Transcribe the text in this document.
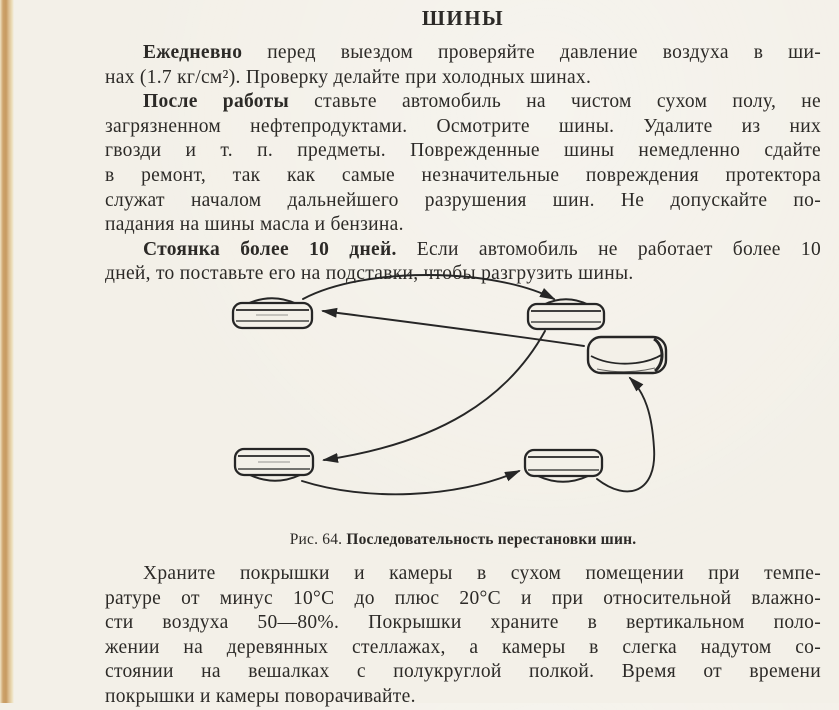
ШИНЫ
Ежедневно перед выездом проверяйте давление воздуха в ши-
нах (1.7 кг/см²). Проверку делайте при холодных шинах.
После работы ставьте автомобиль на чистом сухом полу, не
загрязненном нефтепродуктами. Осмотрите шины. Удалите из них
гвозди и т. п. предметы. Поврежденные шины немедленно сдайте
в ремонт, так как самые незначительные повреждения протектора
служат началом дальнейшего разрушения шин. Не допускайте по-
падания на шины масла и бензина.
Стоянка более 10 дней. Если автомобиль не работает более 10
дней, то поставьте его на подставки, чтобы разгрузить шины.
Рис. 64. Последовательность перестановки шин.
Храните покрышки и камеры в сухом помещении при темпе-
ратуре от минус 10°С до плюс 20°С и при относительной влажно-
сти воздуха 50—80%. Покрышки храните в вертикальном поло-
жении на деревянных стеллажах, а камеры в слегка надутом со-
стоянии на вешалках с полукруглой полкой. Время от времени
покрышки и камеры поворачивайте.
